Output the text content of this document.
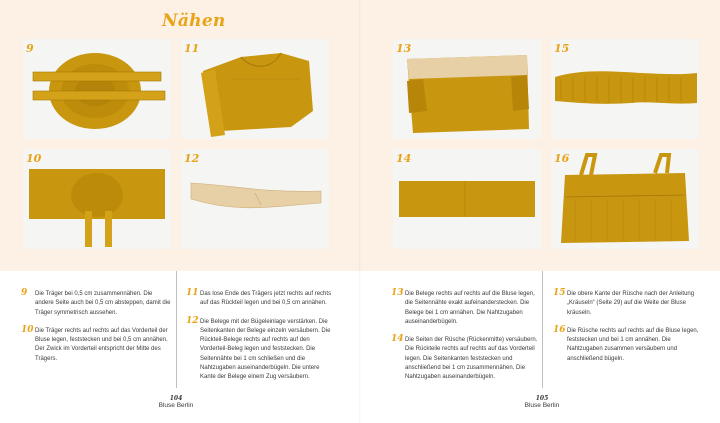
Nähen
9	11	13	15
10	12	14	16
9 Die Träger bei 0,5 cm zusammennähen. Die andere Seite auch bei 0,5 cm absteppen, damit die Träger symmetrisch aussehen.
10 Die Träger rechts auf rechts auf das Vorderteil der Bluse legen, feststecken und bei 0,5 cm annähen. Der Zwick im Vorderteil entspricht der Mitte des Trägers.
11 Das lose Ende des Trägers jetzt rechts auf rechts auf das Rückteil legen und bei 0,5 cm annähen.
12 Die Belege mit der Bügeleinlage verstärken. Die Seitenkanten der Belege einzeln versäubern. Die Rückteil-Belege rechts auf rechts auf den Vorderteil-Beleg legen und feststecken. Die Seitennähte bei 1 cm schließen und die Nahtzugaben auseinanderbügeln. Die untere Kante der Belege einem Zug versäubern.
13 Die Belege rechts auf rechts auf die Bluse legen, die Seitennähte exakt aufeinanderstecken. Die Belege bei 1 cm annähen. Die Nahtzugaben auseinanderbügeln.
14 Die Seiten der Rüsche (Rückenmitte) versäubern. Die Rückteile rechts auf rechts auf das Vorderteil legen. Die Seitenkanten feststecken und anschließend bei 1 cm zusammennähen. Die Nahtzugaben auseinanderbügeln.
15 Die obere Kante der Rüsche nach der Anleitung „Kräuseln“ (Seite 29) auf die Weite der Bluse kräuseln.
16 Die Rüsche rechts auf rechts auf die Bluse legen, feststecken und bei 1 cm annähen. Die Nahtzugaben zusammen versäubern und anschließend bügeln.
104
Bluse Berlin
105
Bluse Berlin
